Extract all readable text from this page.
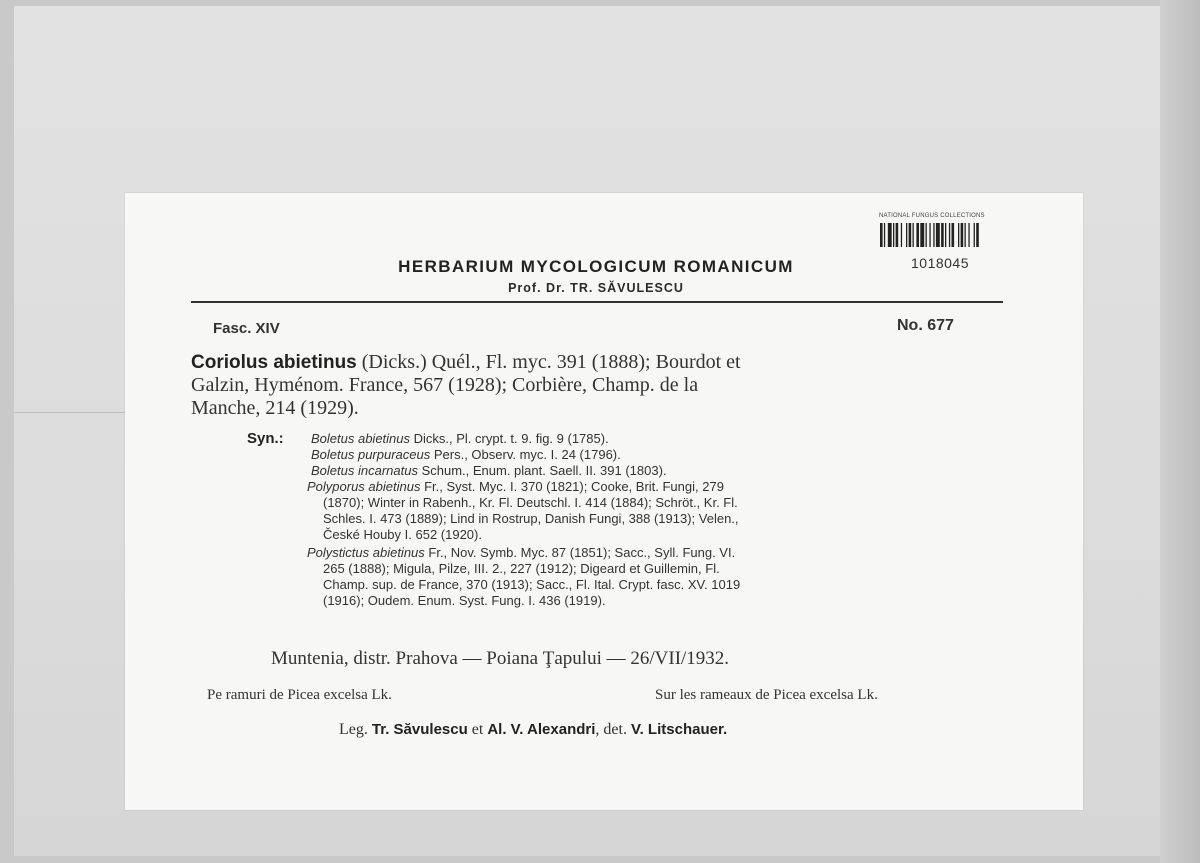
NATIONAL FUNGUS COLLECTIONS
1018045
HERBARIUM MYCOLOGICUM ROMANICUM
Prof. Dr. TR. SĂVULESCU
Fasc. XIV	No. 677
Coriolus abietinus (Dicks.) Quél., Fl. myc. 391 (1888); Bourdot et
Galzin, Hyménom. France, 567 (1928); Corbière, Champ. de la
Manche, 214 (1929).
Syn.: Boletus abietinus Dicks., Pl. crypt. t. 9. fig. 9 (1785).
Boletus purpuraceus Pers., Observ. myc. I. 24 (1796).
Boletus incarnatus Schum., Enum. plant. Saell. II. 391 (1803).
Polyporus abietinus Fr., Syst. Myc. I. 370 (1821); Cooke, Brit. Fungi, 279
(1870); Winter in Rabenh., Kr. Fl. Deutschl. I. 414 (1884); Schröt., Kr. Fl.
Schles. I. 473 (1889); Lind in Rostrup, Danish Fungi, 388 (1913); Velen.,
České Houby I. 652 (1920).
Polystictus abietinus Fr., Nov. Symb. Myc. 87 (1851); Sacc., Syll. Fung. VI.
265 (1888); Migula, Pilze, III. 2., 227 (1912); Digeard et Guillemin, Fl.
Champ. sup. de France, 370 (1913); Sacc., Fl. Ital. Crypt. fasc. XV. 1019
(1916); Oudem. Enum. Syst. Fung. I. 436 (1919).
Muntenia, distr. Prahova — Poiana Ţapului — 26/VII/1932.
Pe ramuri de Picea excelsa Lk.	Sur les rameaux de Picea excelsa Lk.
Leg. Tr. Săvulescu et Al. V. Alexandri, det. V. Litschauer.
